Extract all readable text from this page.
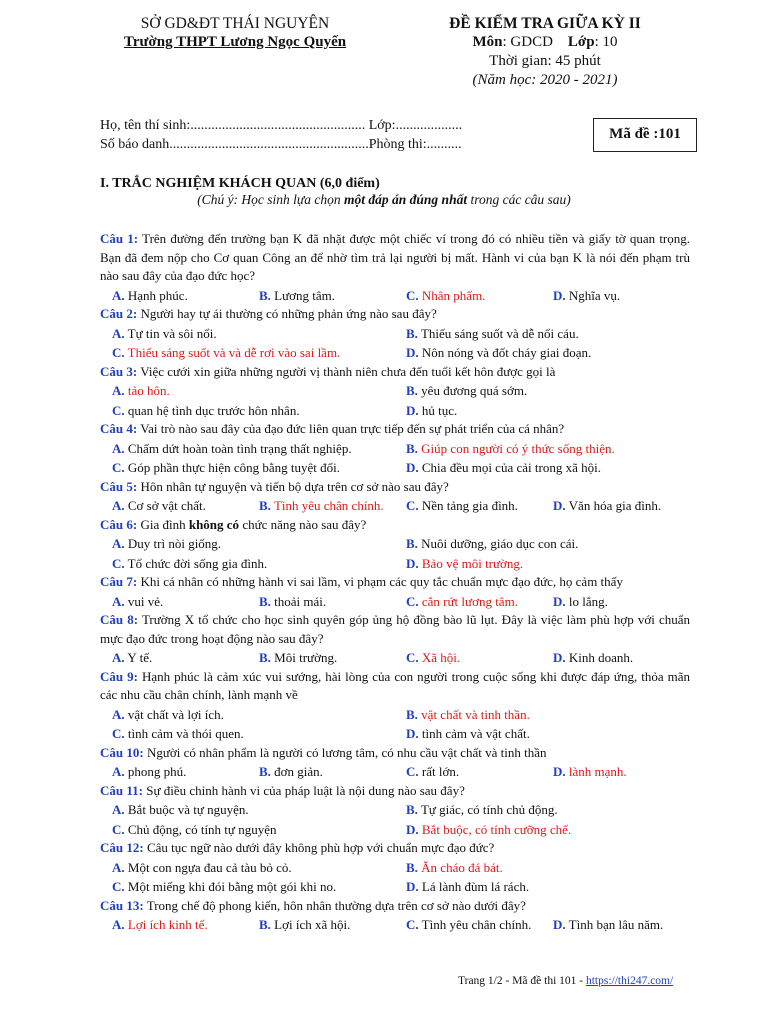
SỞ GD&ĐT THÁI NGUYÊN
Trường THPT Lương Ngọc Quyến
ĐỀ KIỂM TRA GIỮA KỲ II
Môn: GDCD Lớp: 10
Thời gian: 45 phút
(Năm học: 2020 - 2021)
Họ, tên thí sinh:.................................................. Lớp:...................
Số báo danh.........................................................Phòng thi:..........
Mã đề :101
I. TRẮC NGHIỆM KHÁCH QUAN (6,0 điểm)
(Chú ý: Học sinh lựa chọn một đáp án đúng nhất trong các câu sau)
Câu 1: Trên đường đến trường bạn K đã nhặt được một chiếc ví trong đó có nhiều tiền và giấy tờ quan trọng. Bạn đã đem nộp cho Cơ quan Công an để nhờ tìm trả lại người bị mất. Hành vi của bạn K là nói đến phạm trù nào sau đây của đạo đức học?
A. Hạnh phúc.	B. Lương tâm.	C. Nhân phẩm.	D. Nghĩa vụ.
Câu 2: Người hay tự ái thường có những phản ứng nào sau đây?
A. Tự tin và sôi nổi.	B. Thiếu sáng suốt và dễ nổi cáu.
C. Thiếu sáng suốt và và dễ rơi vào sai lầm.	D. Nôn nóng và đốt cháy giai đoạn.
Câu 3: Việc cưới xin giữa những người vị thành niên chưa đến tuổi kết hôn được gọi là
A. tảo hôn.	B. yêu đương quá sớm.
C. quan hệ tình dục trước hôn nhân.	D. hủ tục.
Câu 4: Vai trò nào sau đây của đạo đức liên quan trực tiếp đến sự phát triển của cá nhân?
A. Chấm dứt hoàn toàn tình trạng thất nghiệp.	B. Giúp con người có ý thức sống thiện.
C. Góp phần thực hiện công bằng tuyệt đối.	D. Chia đều mọi của cải trong xã hội.
Câu 5: Hôn nhân tự nguyện và tiến bộ dựa trên cơ sở nào sau đây?
A. Cơ sở vật chất.	B. Tình yêu chân chính. C. Nền tảng gia đình.	D. Văn hóa gia đình.
Câu 6: Gia đình không có chức năng nào sau đây?
A. Duy trì nòi giống.	B. Nuôi dưỡng, giáo dục con cái.
C. Tổ chức đời sống gia đình.	D. Bảo vệ môi trường.
Câu 7: Khi cá nhân có những hành vi sai lầm, vi phạm các quy tắc chuẩn mực đạo đức, họ cảm thấy
A. vui vẻ.	B. thoải mái.	C. cắn rứt lương tâm.	D. lo lắng.
Câu 8: Trường X tổ chức cho học sinh quyên góp ủng hộ đồng bào lũ lụt. Đây là việc làm phù hợp với chuẩn mực đạo đức trong hoạt động nào sau đây?
A. Y tế.	B. Môi trường.	C. Xã hội.	D. Kinh doanh.
Câu 9: Hạnh phúc là cảm xúc vui sướng, hài lòng của con người trong cuộc sống khi được đáp ứng, thỏa mãn các nhu cầu chân chính, lành mạnh về
A. vật chất và lợi ích.	B. vật chất và tinh thần.
C. tình cảm và thói quen.	D. tình cảm và vật chất.
Câu 10: Người có nhân phẩm là người có lương tâm, có nhu cầu vật chất và tinh thần
A. phong phú.	B. đơn giản.	C. rất lớn.	D. lành mạnh.
Câu 11: Sự điều chỉnh hành vi của pháp luật là nội dung nào sau đây?
A. Bắt buộc và tự nguyện.	B. Tự giác, có tính chủ động.
C. Chủ động, có tính tự nguyện	D. Bắt buộc, có tính cưỡng chế.
Câu 12: Câu tục ngữ nào dưới đây không phù hợp với chuẩn mực đạo đức?
A. Một con ngựa đau cả tàu bỏ cỏ.	B. Ăn cháo đá bát.
C. Một miếng khi đói bằng một gói khi no.	D. Lá lành đùm lá rách.
Câu 13: Trong chế độ phong kiến, hôn nhân thường dựa trên cơ sở nào dưới đây?
A. Lợi ích kinh tế.	B. Lợi ích xã hội.	C. Tình yêu chân chính. D. Tình bạn lâu năm.
Trang 1/2 - Mã đề thi 101 - https://thi247.com/
